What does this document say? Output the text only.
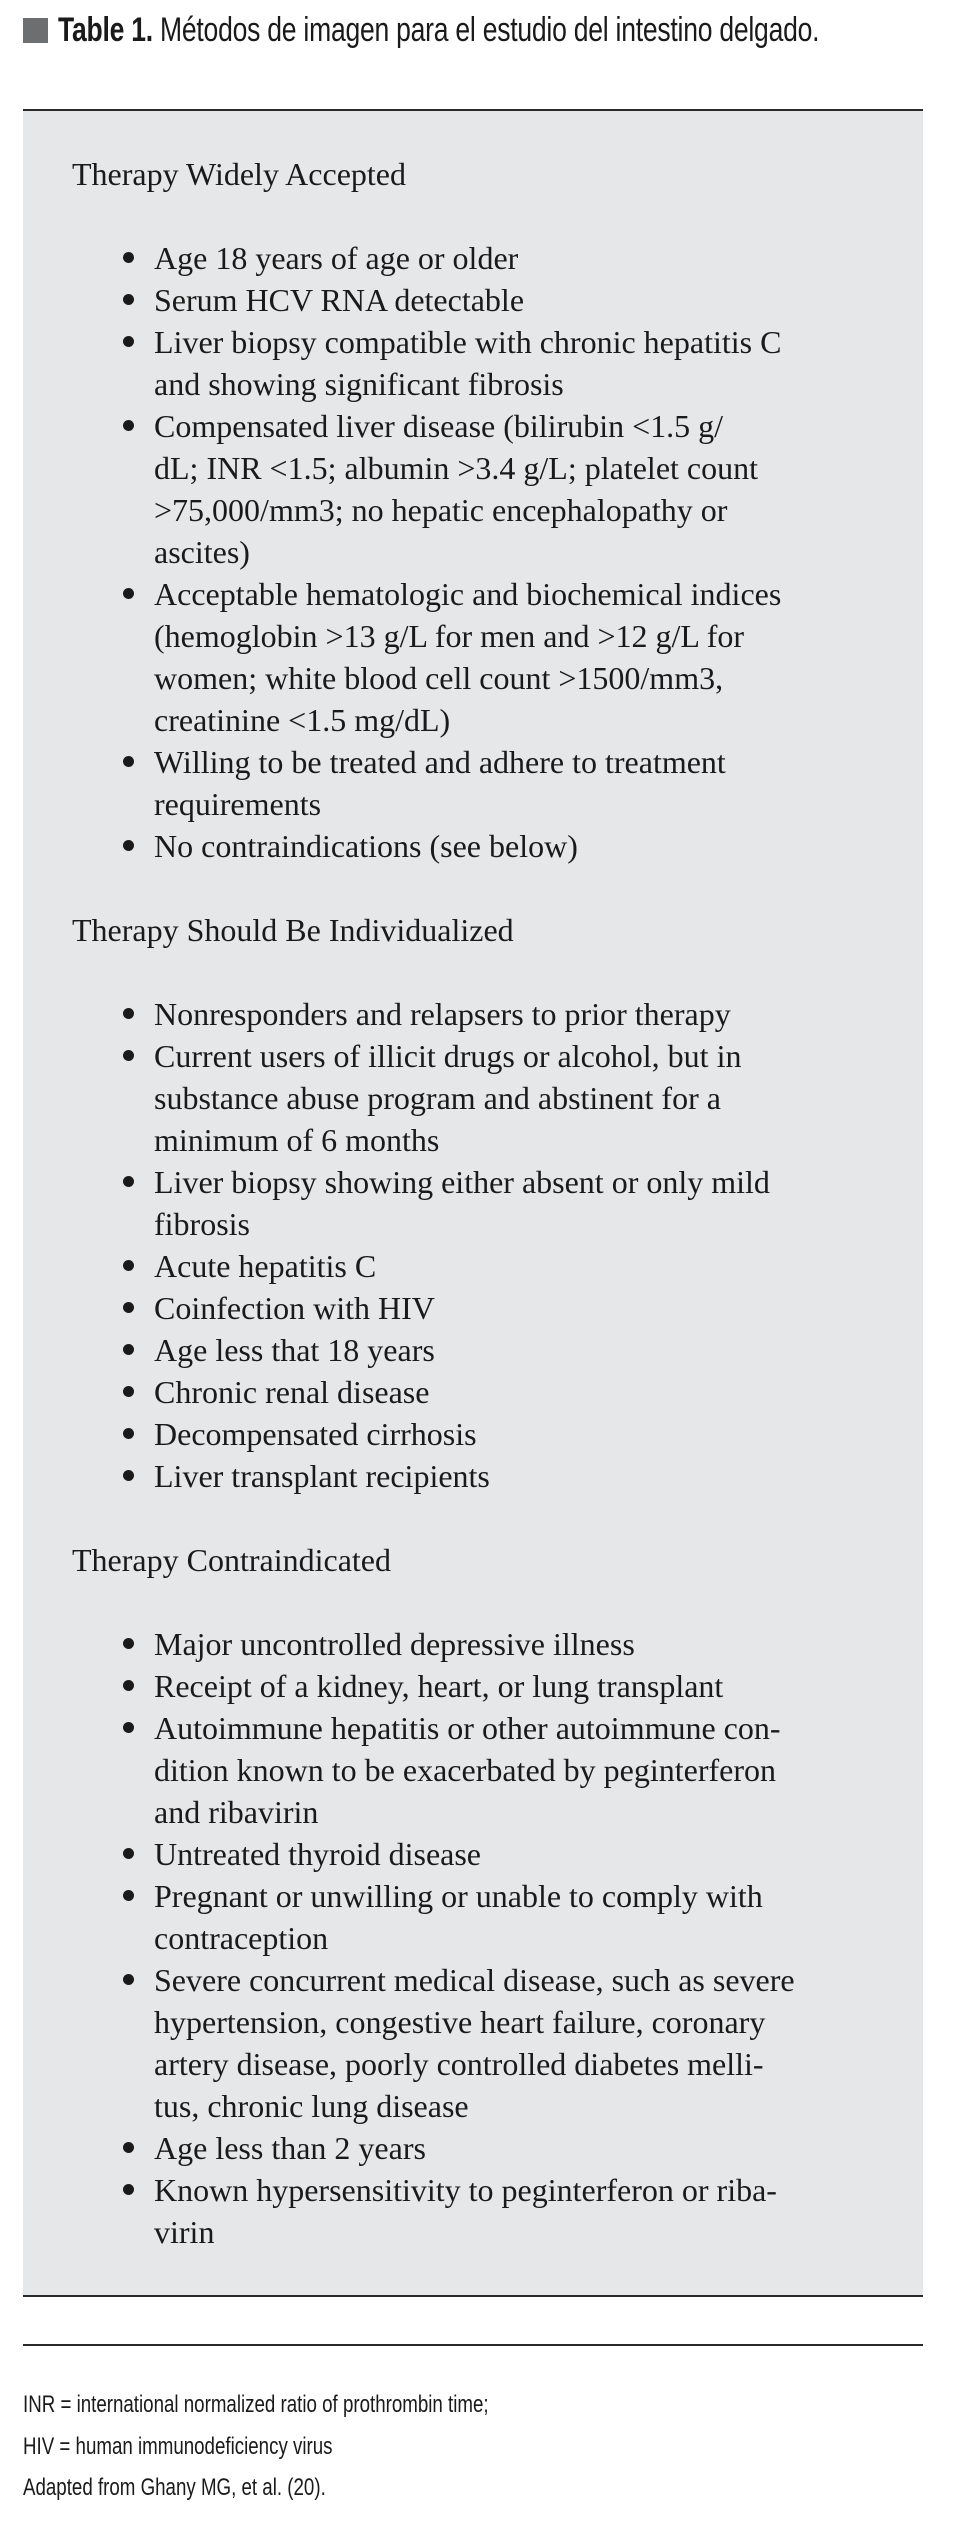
Table 1. Métodos de imagen para el estudio del intestino delgado.
Therapy Widely Accepted
Age 18 years of age or older
Serum HCV RNA detectable
Liver biopsy compatible with chronic hepatitis C
and showing significant fibrosis
Compensated liver disease (bilirubin <1.5 g/
dL; INR <1.5; albumin >3.4 g/L; platelet count
>75,000/mm3; no hepatic encephalopathy or
ascites)
Acceptable hematologic and biochemical indices
(hemoglobin >13 g/L for men and >12 g/L for
women; white blood cell count >1500/mm3,
creatinine <1.5 mg/dL)
Willing to be treated and adhere to treatment
requirements
No contraindications (see below)
Therapy Should Be Individualized
Nonresponders and relapsers to prior therapy
Current users of illicit drugs or alcohol, but in
substance abuse program and abstinent for a
minimum of 6 months
Liver biopsy showing either absent or only mild
fibrosis
Acute hepatitis C
Coinfection with HIV
Age less that 18 years
Chronic renal disease
Decompensated cirrhosis
Liver transplant recipients
Therapy Contraindicated
Major uncontrolled depressive illness
Receipt of a kidney, heart, or lung transplant
Autoimmune hepatitis or other autoimmune con-
dition known to be exacerbated by peginterferon
and ribavirin
Untreated thyroid disease
Pregnant or unwilling or unable to comply with
contraception
Severe concurrent medical disease, such as severe
hypertension, congestive heart failure, coronary
artery disease, poorly controlled diabetes melli-
tus, chronic lung disease
Age less than 2 years
Known hypersensitivity to peginterferon or riba-
virin
INR = international normalized ratio of prothrombin time;
HIV = human immunodeficiency virus
Adapted from Ghany MG, et al. (20).
